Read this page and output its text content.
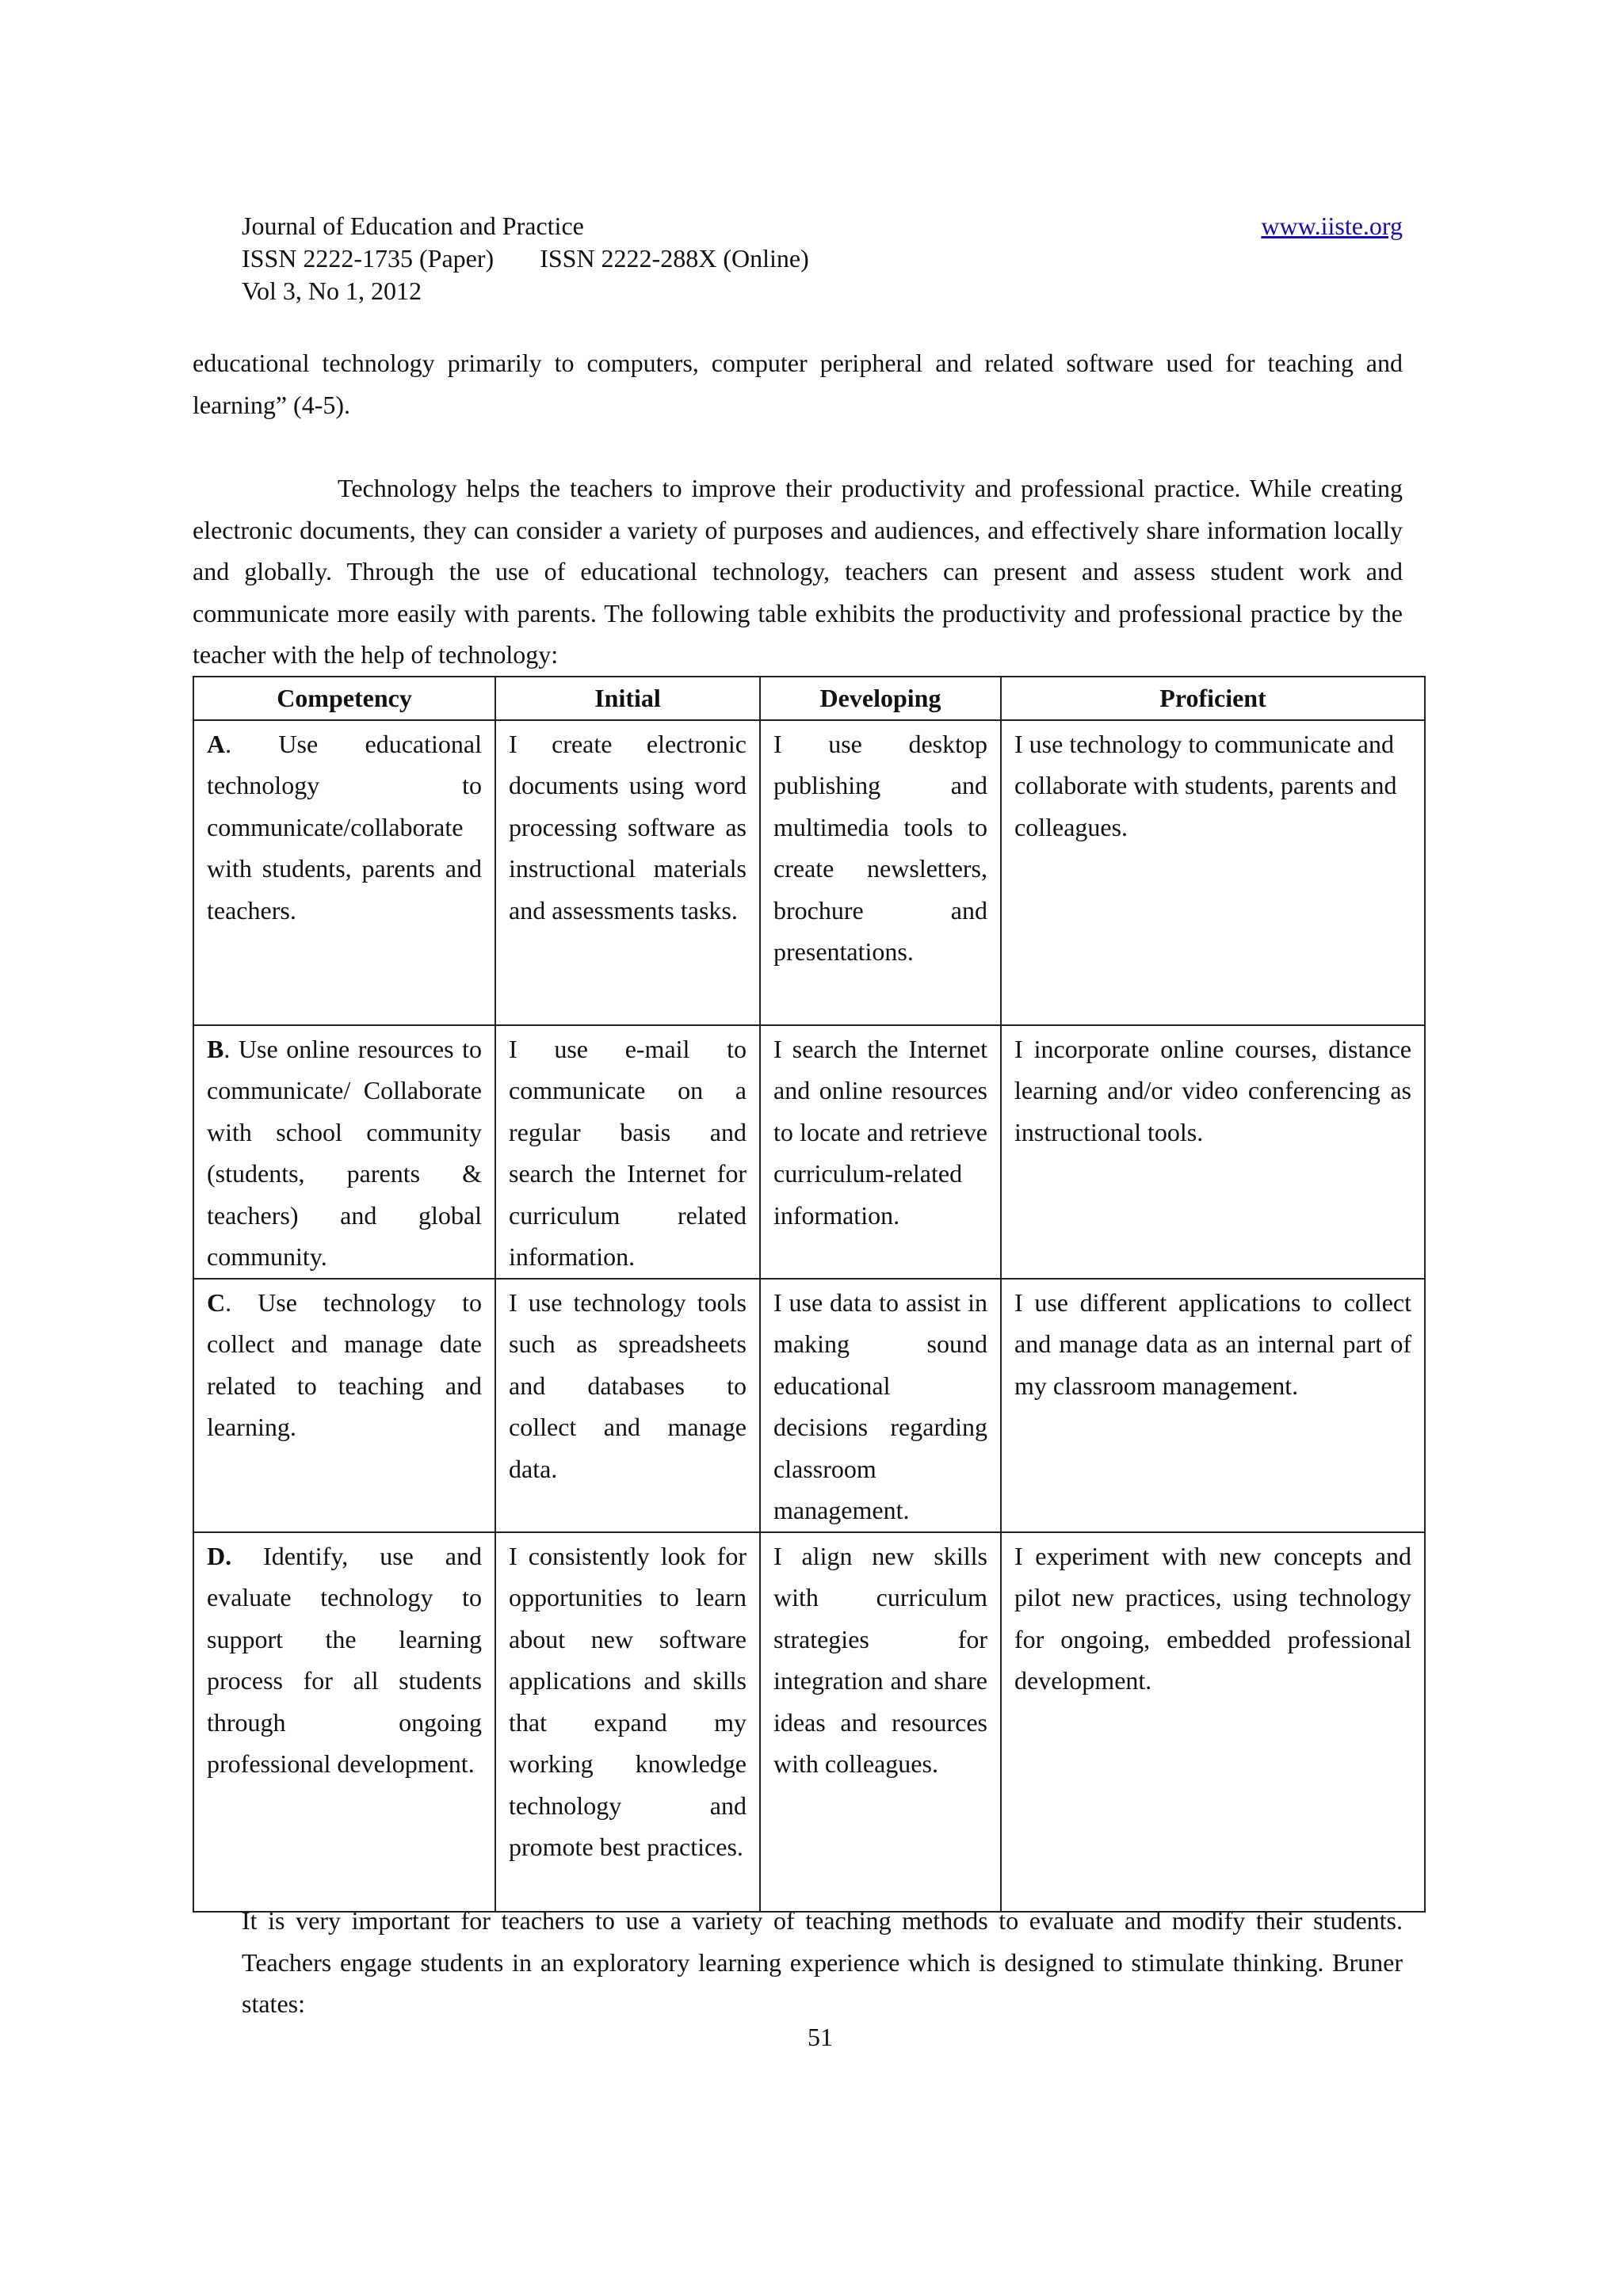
Journal of Education and Practice	www.iiste.org
ISSN 2222-1735 (Paper) ISSN 2222-288X (Online)
Vol 3, No 1, 2012
educational technology primarily to computers, computer peripheral and related software used for teaching and learning” (4-5).
Technology helps the teachers to improve their productivity and professional practice. While creating electronic documents, they can consider a variety of purposes and audiences, and effectively share information locally and globally. Through the use of educational technology, teachers can present and assess student work and communicate more easily with parents. The following table exhibits the productivity and professional practice by the teacher with the help of technology:
Competency	Initial	Developing	Proficient
A. Use educational technology to communicate/collaborate with students, parents and teachers.	I create electronic documents using word processing software as instructional materials and assessments tasks.	I use desktop publishing and multimedia tools to create newsletters, brochure and presentations.	I use technology to communicate and collaborate with students, parents and colleagues.

B. Use online resources to communicate/ Collaborate with school community (students, parents & teachers) and global community.	I use e-mail to communicate on a regular basis and search the Internet for curriculum related information.	I search the Internet and online resources to locate and retrieve curriculum-related information.	I incorporate online courses, distance learning and/or video conferencing as instructional tools.
C. Use technology to collect and manage date related to teaching and learning.	I use technology tools such as spreadsheets and databases to collect and manage data.	I use data to assist in making sound educational decisions regarding classroom management.	I use different applications to collect and manage data as an internal part of my classroom management.
D. Identify, use and evaluate technology to support the learning process for all students through ongoing professional development.	I consistently look for opportunities to learn about new software applications and skills that expand my working knowledge technology and promote best practices.	I align new skills with curriculum strategies for integration and share ideas and resources with colleagues.	I experiment with new concepts and pilot new practices, using technology for ongoing, embedded professional development.
It is very important for teachers to use a variety of teaching methods to evaluate and modify their students. Teachers engage students in an exploratory learning experience which is designed to stimulate thinking. Bruner states:
51
